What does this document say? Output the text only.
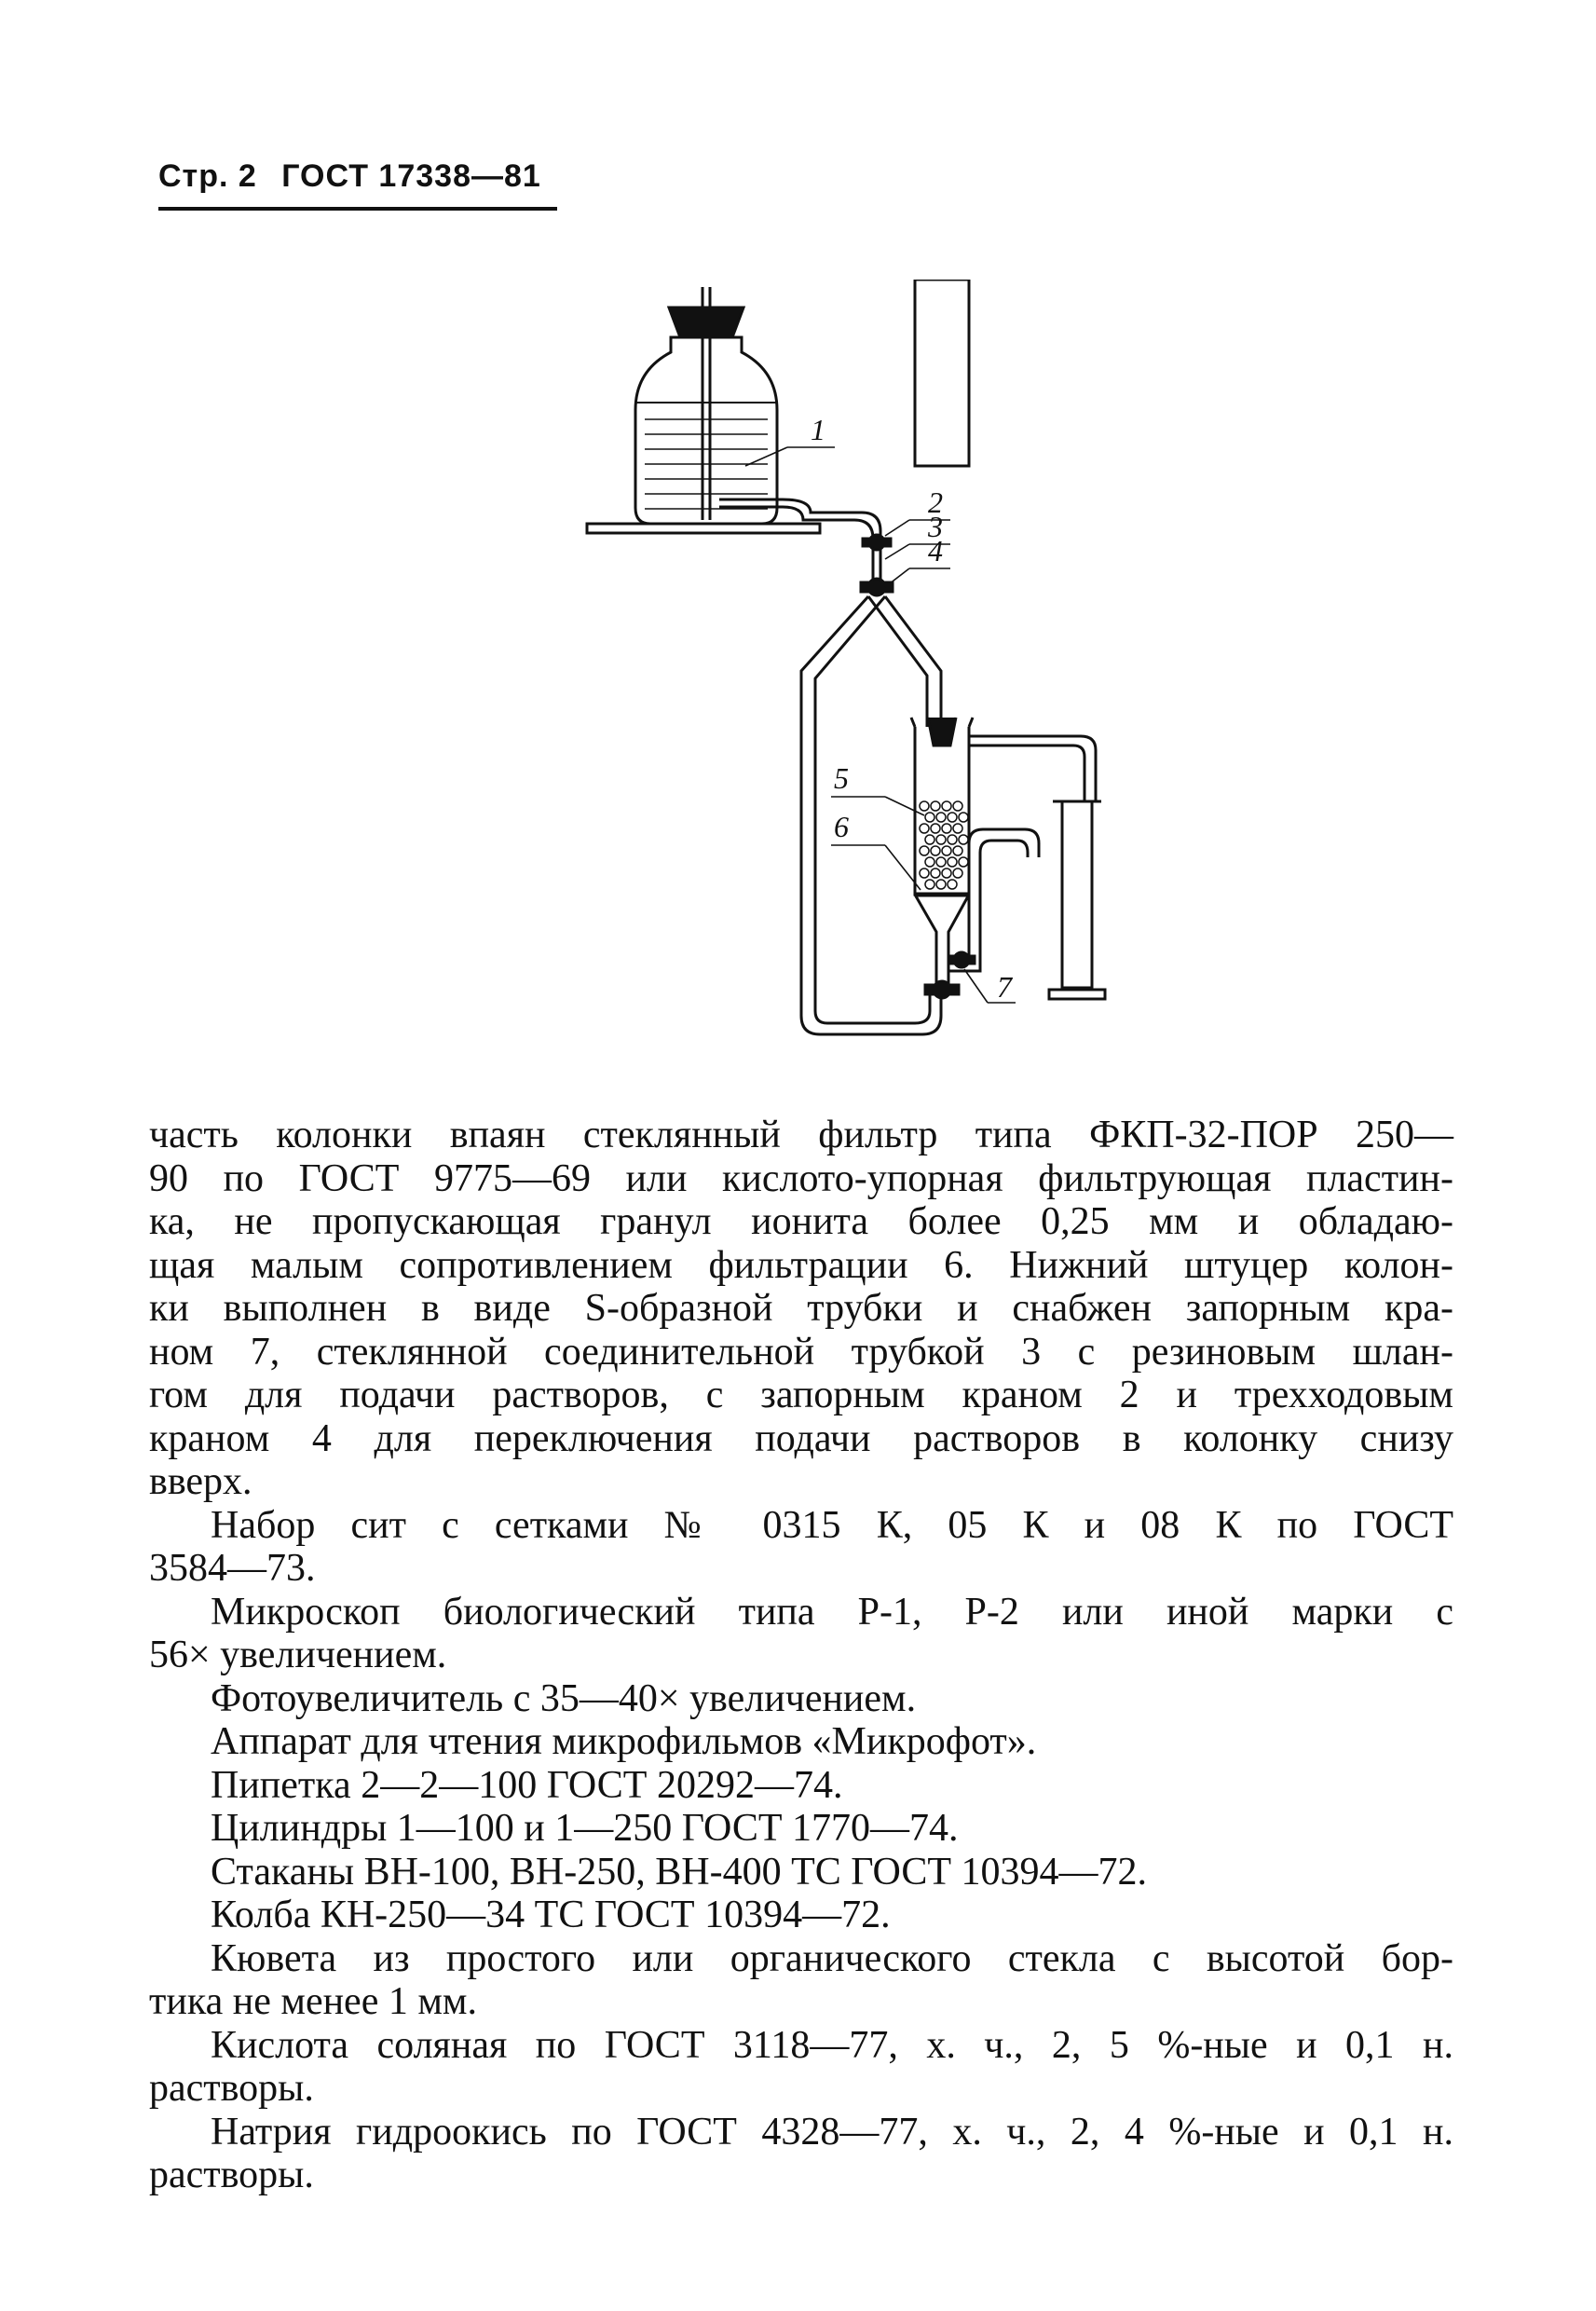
Стр. 2 ГОСТ 17338—81
1
2
3
4
5
6
7
часть колонки впаян стеклянный фильтр типа ФКП-32-ПОР 250—
90 по ГОСТ 9775—69 или кислото-упорная фильтрующая пластин-
ка, не пропускающая гранул ионита более 0,25 мм и обладаю-
щая малым сопротивлением фильтрации 6. Нижний штуцер колон-
ки выполнен в виде S-образной трубки и снабжен запорным кра-
ном 7, стеклянной соединительной трубкой 3 с резиновым шлан-
гом для подачи растворов, с запорным краном 2 и трехходовым
краном 4 для переключения подачи растворов в колонку снизу
вверх.
Набор сит с сетками № 0315 К, 05 К и 08 К по ГОСТ
3584—73.
Микроскоп биологический типа Р-1, Р-2 или иной марки с
56× увеличением.
Фотоувеличитель с 35—40× увеличением.
Аппарат для чтения микрофильмов «Микрофот».
Пипетка 2—2—100 ГОСТ 20292—74.
Цилиндры 1—100 и 1—250 ГОСТ 1770—74.
Стаканы ВН-100, ВН-250, ВН-400 ТС ГОСТ 10394—72.
Колба КН-250—34 ТС ГОСТ 10394—72.
Кювета из простого или органического стекла с высотой бор-
тика не менее 1 мм.
Кислота соляная по ГОСТ 3118—77, х. ч., 2, 5 %-ные и 0,1 н.
растворы.
Натрия гидроокись по ГОСТ 4328—77, х. ч., 2, 4 %-ные и 0,1 н.
растворы.
